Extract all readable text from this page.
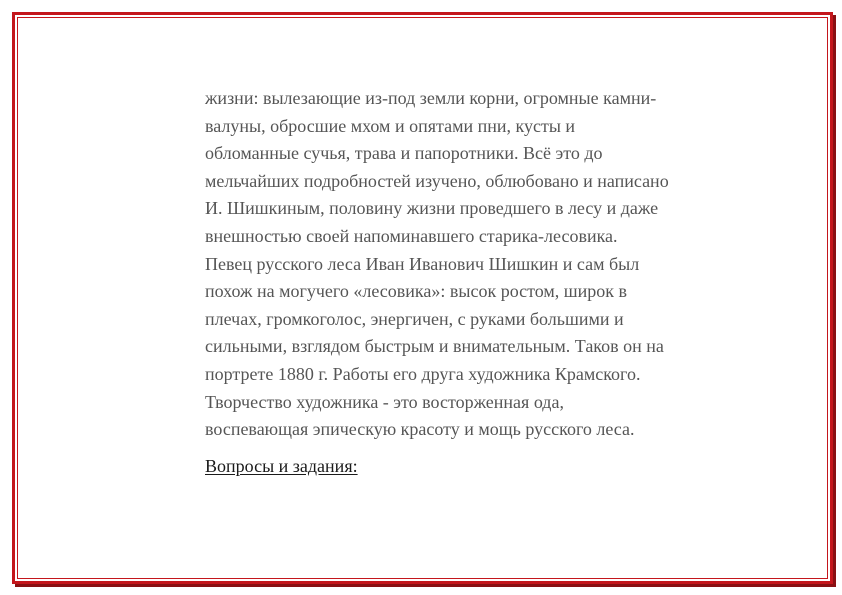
жизни: вылезающие из-под земли корни, огромные камни-
валуны, обросшие мхом и опятами пни, кусты и
обломанные сучья, трава и папоротники. Всё это до
мельчайших подробностей изучено, облюбовано и написано
И. Шишкиным, половину жизни проведшего в лесу и даже
внешностью своей напоминавшего старика-лесовика.
Певец русского леса Иван Иванович Шишкин и сам был
похож на могучего «лесовика»: высок ростом, широк в
плечах, громкоголос, энергичен, с руками большими и
сильными, взглядом быстрым и внимательным. Таков он на
портрете 1880 г. Работы его друга художника Крамского.
Творчество художника - это восторженная ода,
воспевающая эпическую красоту и мощь русского леса.

Вопросы и задания:
